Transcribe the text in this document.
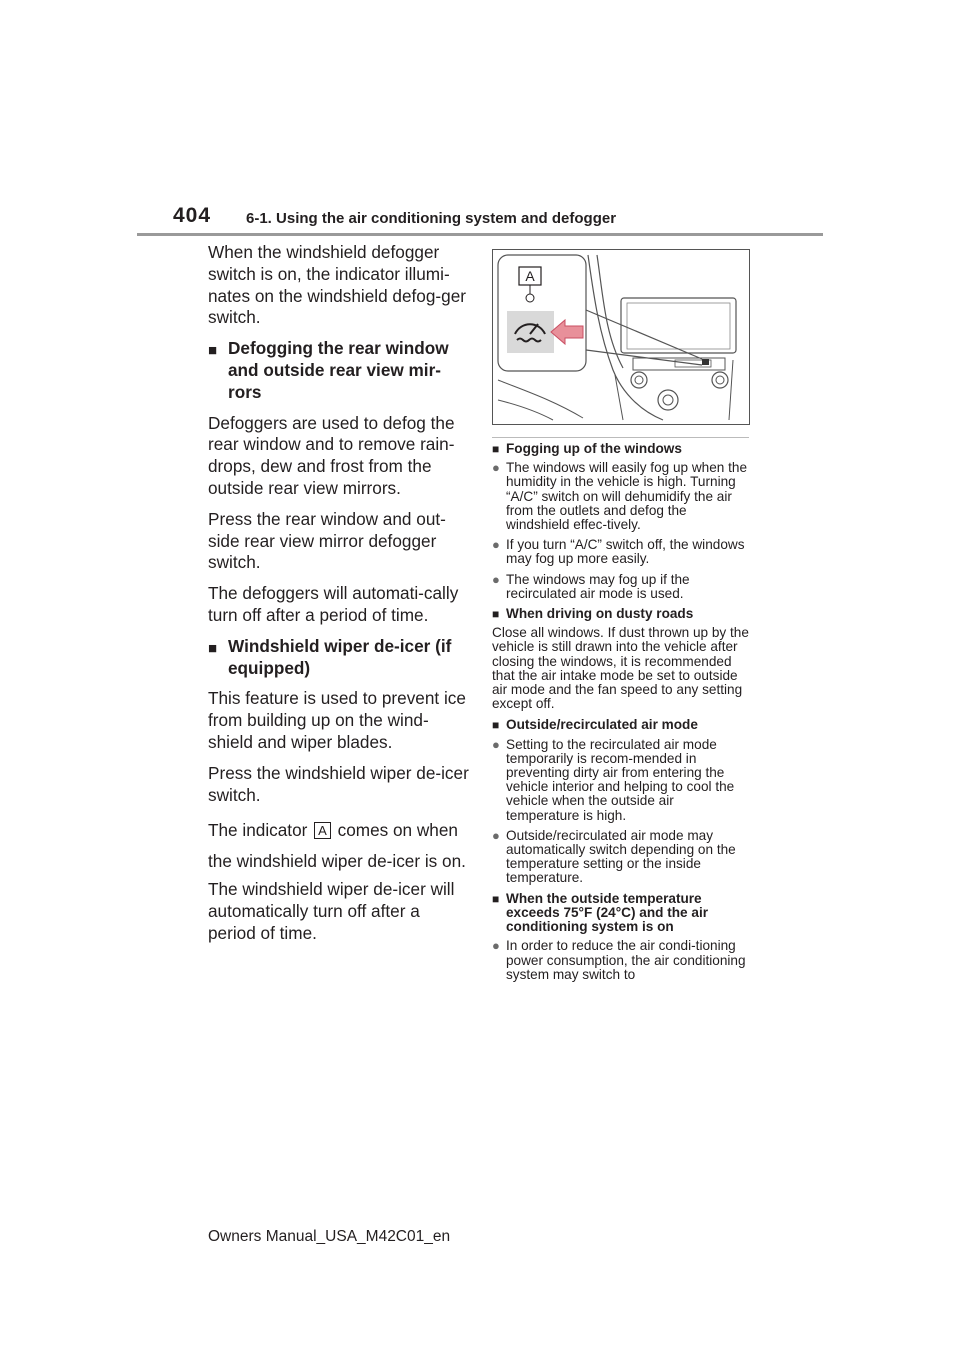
404 6-1. Using the air conditioning system and defogger

When the windshield defogger switch is on, the indicator illumi-nates on the windshield defog-ger switch.

■ Defogging the rear window and outside rear view mir-rors

Defoggers are used to defog the rear window and to remove rain-drops, dew and frost from the outside rear view mirrors.

Press the rear window and out-side rear view mirror defogger switch.

The defoggers will automati-cally turn off after a period of time.

■ Windshield wiper de-icer (if equipped)

This feature is used to prevent ice from building up on the wind-shield and wiper blades.

Press the windshield wiper de-icer switch.

The indicator A comes on when the windshield wiper de-icer is on.

The windshield wiper de-icer will automatically turn off after a period of time.

A
■ Fogging up of the windows
● The windows will easily fog up when the humidity in the vehicle is high. Turning “A/C” switch on will dehumidify the air from the outlets and defog the windshield effec-tively.
● If you turn “A/C” switch off, the windows may fog up more easily.
● The windows may fog up if the recirculated air mode is used.
■ When driving on dusty roads
Close all windows. If dust thrown up by the vehicle is still drawn into the vehicle after closing the windows, it is recommended that the air intake mode be set to outside air mode and the fan speed to any setting except off.
■ Outside/recirculated air mode
● Setting to the recirculated air mode temporarily is recom-mended in preventing dirty air from entering the vehicle interior and helping to cool the vehicle when the outside air temperature is high.
● Outside/recirculated air mode may automatically switch depending on the temperature setting or the inside temperature.
■ When the outside temperature exceeds 75°F (24°C) and the air conditioning system is on
● In order to reduce the air condi-tioning power consumption, the air conditioning system may switch to
Owners Manual_USA_M42C01_en
